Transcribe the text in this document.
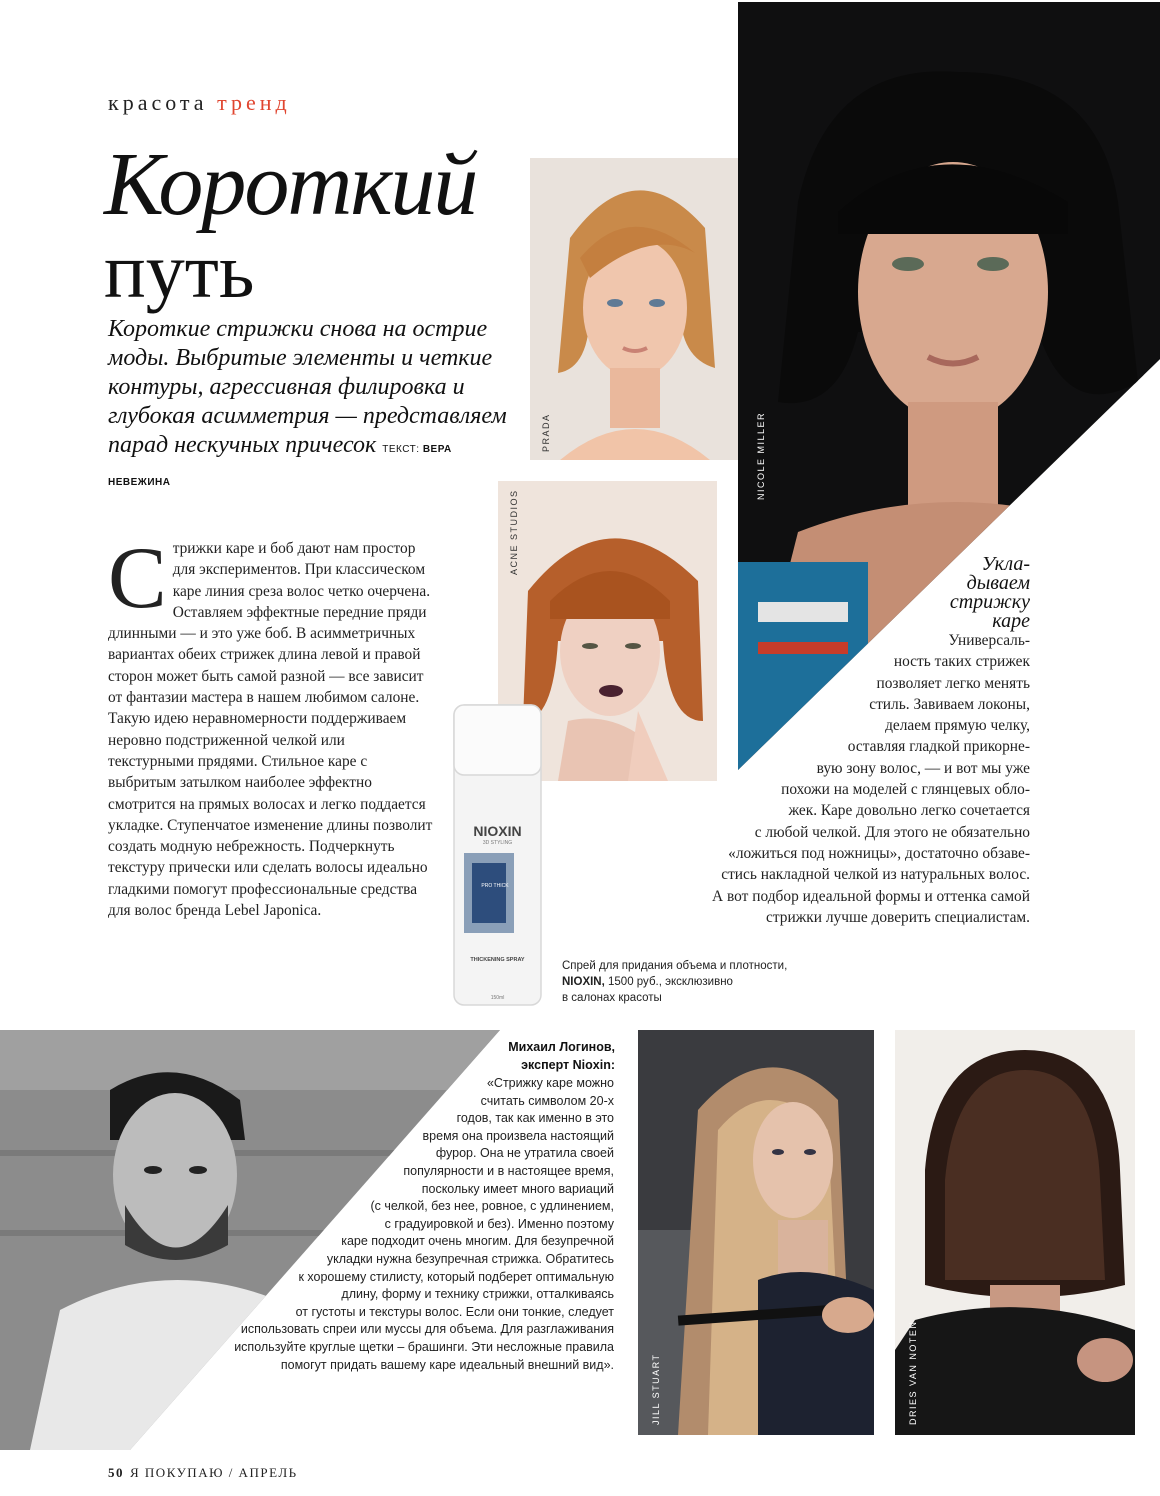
красота тренд
Короткий
путь
Короткие стрижки снова на острие моды. Выбритые элементы и четкие контуры, агрессивная филировка и глубокая асимметрия — представляем парад нескучных причесок ТЕКСТ: ВЕРА НЕВЕЖИНА
PRADA	NICOLE MILLER
ACNE STUDIOS
С трижки каре и боб дают нам простор для экспериментов. При классическом каре линия среза волос четко очерчена. Оставляем эффектные передние пряди длинными — и это уже боб. В асимметричных вариантах обеих стрижек длина левой и правой сторон может быть самой разной — все зависит от фантазии мастера в нашем любимом салоне. Такую идею неравномерности поддерживаем неровно подстриженной челкой или текстурными прядями. Стильное каре с выбритым затылком наиболее эффектно смотрится на прямых волосах и легко поддается укладке. Ступенчатое изменение длины позволит создать модную небрежность. Подчеркнуть текстуру прически или сделать волосы идеально гладкими помогут профессиональные средства для волос бренда Lebel Japonica.
NIOXIN
3D STYLING
PRO THICK
THICKENING SPRAY
150ml
Укла-
дываем
стрижку
каре
Универсаль-
ность таких стрижек
позволяет легко менять
стиль. Завиваем локоны,
делаем прямую челку,
оставляя гладкой прикорне-
вую зону волос, — и вот мы уже
похожи на моделей с глянцевых обло-
жек. Каре довольно легко сочетается
с любой челкой. Для этого не обязательно
«ложиться под ножницы», достаточно обзаве-
стись накладной челкой из натуральных волос.
А вот подбор идеальной формы и оттенка самой
стрижки лучше доверить специалистам.
Спрей для придания объема и плотности,
NIOXIN, 1500 руб., эксклюзивно
в салонах красоты
Михаил Логинов,
эксперт Nioxin:
«Стрижку каре можно
считать символом 20-х
годов, так как именно в это
время она произвела настоящий
фурор. Она не утратила своей
популярности и в настоящее время,
поскольку имеет много вариаций
(с челкой, без нее, ровное, с удлинением,
с градуировкой и без). Именно поэтому
каре подходит очень многим. Для безупречной
укладки нужна безупречная стрижка. Обратитесь
к хорошему стилисту, который подберет оптимальную
длину, форму и технику стрижки, отталкиваясь
от густоты и текстуры волос. Если они тонкие, следует
использовать спреи или муссы для объема. Для разглаживания
используйте круглые щетки – брашинги. Эти несложные правила
помогут придать вашему каре идеальный внешний вид».	JILL STUART	DRIES VAN NOTEN
50 Я ПОКУПАЮ / АПРЕЛЬ
